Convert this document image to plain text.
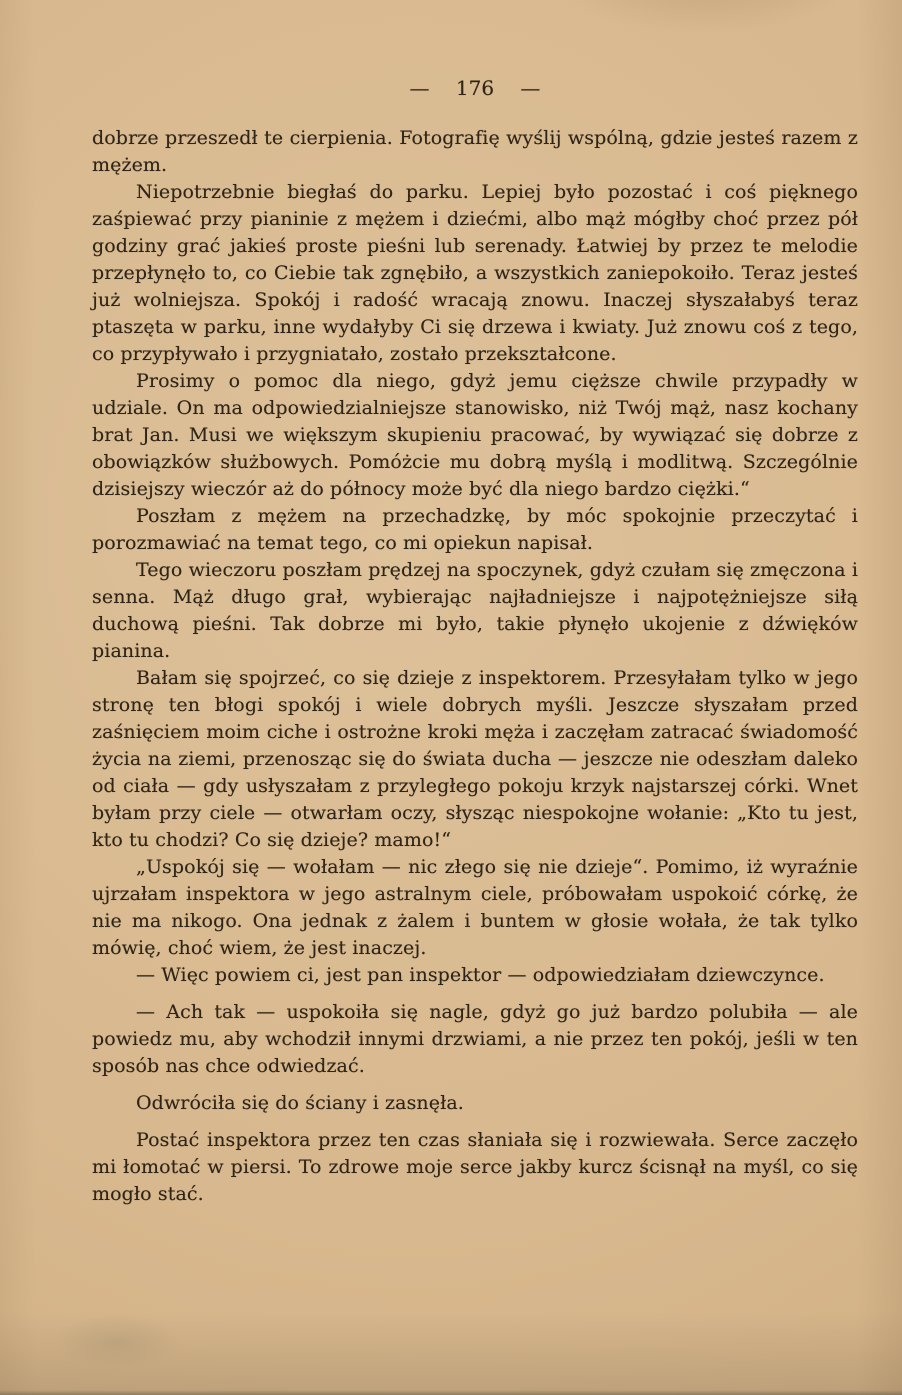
— 176 —

dobrze przeszedł te cierpienia. Fotografię wyślij wspólną, gdzie jesteś razem z mężem.

Niepotrzebnie biegłaś do parku. Lepiej było pozostać i coś pięknego zaśpiewać przy pianinie z mężem i dziećmi, albo mąż mógłby choć przez pół godziny grać jakieś proste pieśni lub serenady. Łatwiej by przez te melodie przepłynęło to, co Ciebie tak zgnębiło, a wszystkich zaniepokoiło. Teraz jesteś już wolniejsza. Spokój i radość wracają znowu. Inaczej słyszałabyś teraz ptaszęta w parku, inne wydałyby Ci się drzewa i kwiaty. Już znowu coś z tego, co przypływało i przygniatało, zostało przekształcone.

Prosimy o pomoc dla niego, gdyż jemu cięższe chwile przypadły w udziale. On ma odpowiedzialniejsze stanowisko, niż Twój mąż, nasz kochany brat Jan. Musi we większym skupieniu pracować, by wywiązać się dobrze z obowiązków służbowych. Pomóżcie mu dobrą myślą i modlitwą. Szczególnie dzisiejszy wieczór aż do północy może być dla niego bardzo ciężki.“

Poszłam z mężem na przechadzkę, by móc spokojnie przeczytać i porozmawiać na temat tego, co mi opiekun napisał.

Tego wieczoru poszłam prędzej na spoczynek, gdyż czułam się zmęczona i senna. Mąż długo grał, wybierając najładniejsze i najpotężniejsze siłą duchową pieśni. Tak dobrze mi było, takie płynęło ukojenie z dźwięków pianina.

Bałam się spojrzeć, co się dzieje z inspektorem. Przesyłałam tylko w jego stronę ten błogi spokój i wiele dobrych myśli. Jeszcze słyszałam przed zaśnięciem moim ciche i ostrożne kroki męża i zaczęłam zatracać świadomość życia na ziemi, przenosząc się do świata ducha — jeszcze nie odeszłam daleko od ciała — gdy usłyszałam z przyległego pokoju krzyk najstarszej córki. Wnet byłam przy ciele — otwarłam oczy, słysząc niespokojne wołanie: „Kto tu jest, kto tu chodzi? Co się dzieje? mamo!“

„Uspokój się — wołałam — nic złego się nie dzieje“. Pomimo, iż wyraźnie ujrzałam inspektora w jego astralnym ciele, próbowałam uspokoić córkę, że nie ma nikogo. Ona jednak z żalem i buntem w głosie wołała, że tak tylko mówię, choć wiem, że jest inaczej.

— Więc powiem ci, jest pan inspektor — odpowiedziałam dziewczynce.

— Ach tak — uspokoiła się nagle, gdyż go już bardzo polubiła — ale powiedz mu, aby wchodził innymi drzwiami, a nie przez ten pokój, jeśli w ten sposób nas chce odwiedzać.

Odwróciła się do ściany i zasnęła.

Postać inspektora przez ten czas słaniała się i rozwiewała. Serce zaczęło mi łomotać w piersi. To zdrowe moje serce jakby kurcz ścisnął na myśl, co się mogło stać.
